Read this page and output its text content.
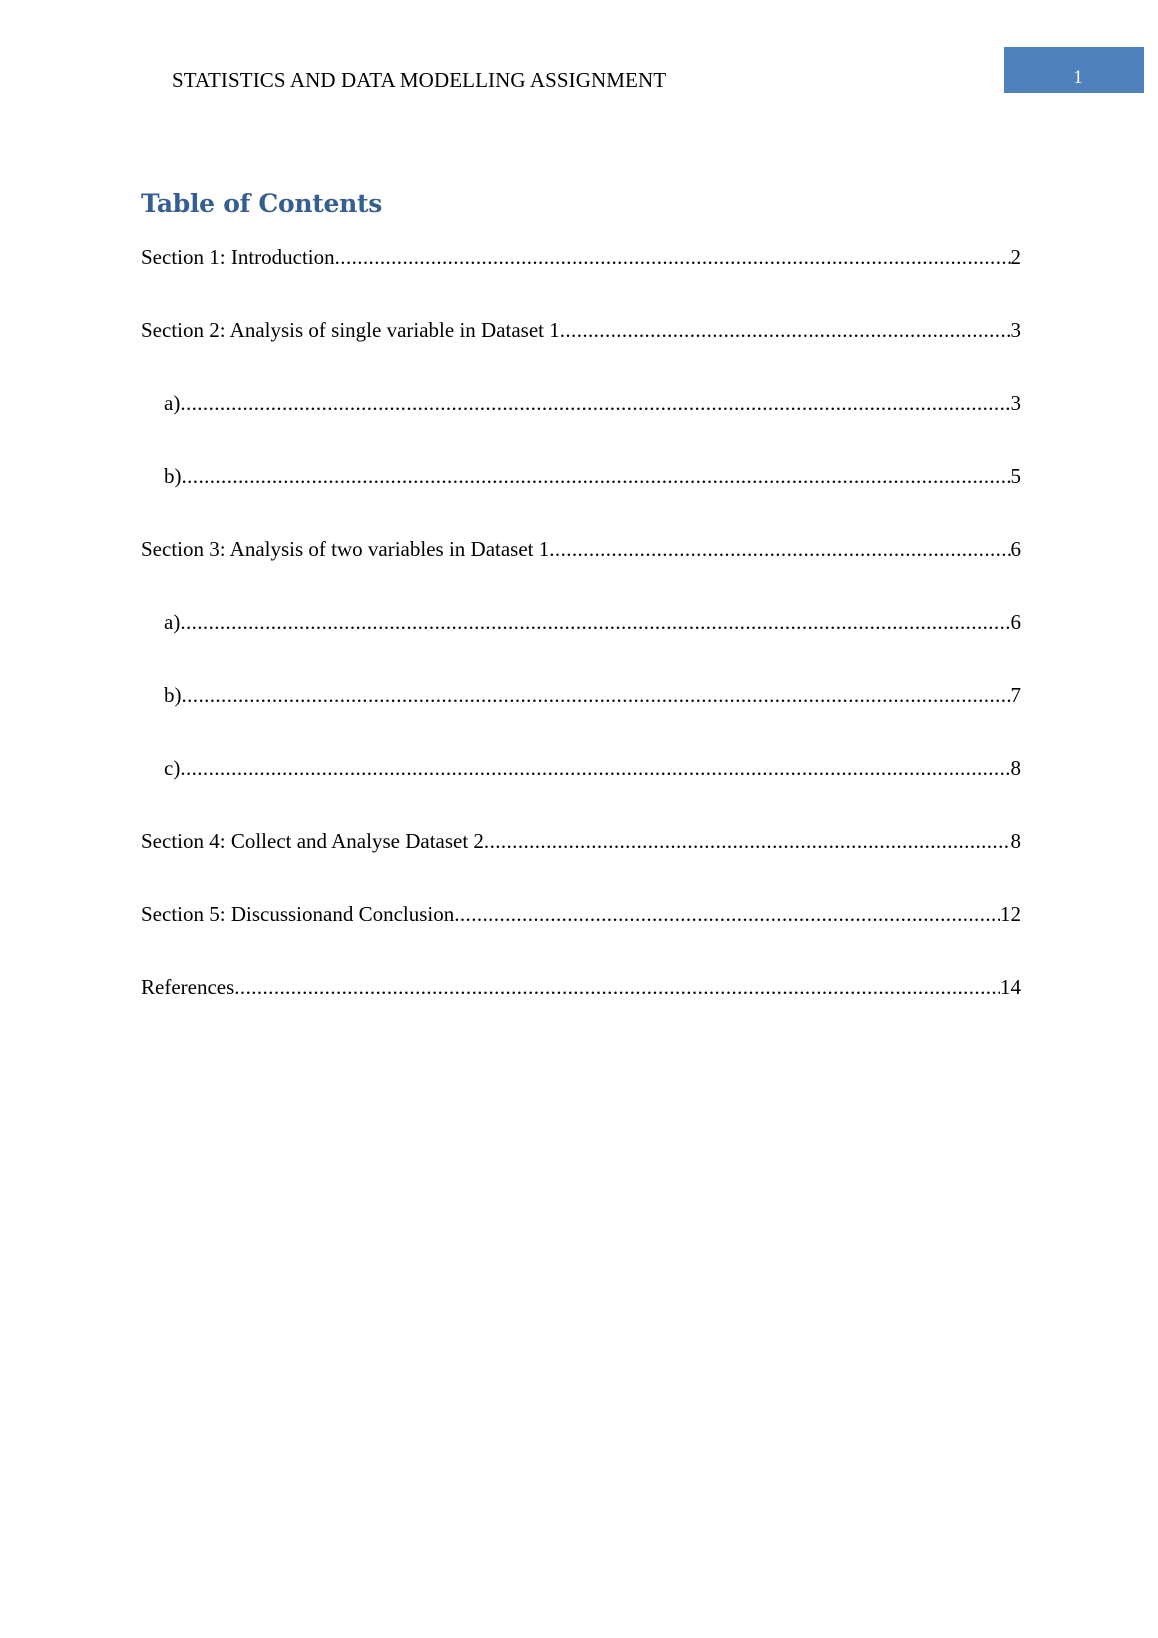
STATISTICS AND DATA MODELLING ASSIGNMENT	1
Table of Contents
Section 1: Introduction .....	2
Section 2: Analysis of single variable in Dataset 1 .....	3
a) .....	3
b) .....	5
Section 3: Analysis of two variables in Dataset 1 .....	6
a) .....	6
b) .....	7
c) .....	8
Section 4: Collect and Analyse Dataset 2 .....	8
Section 5: Discussionand Conclusion .....	12
References .....	14
